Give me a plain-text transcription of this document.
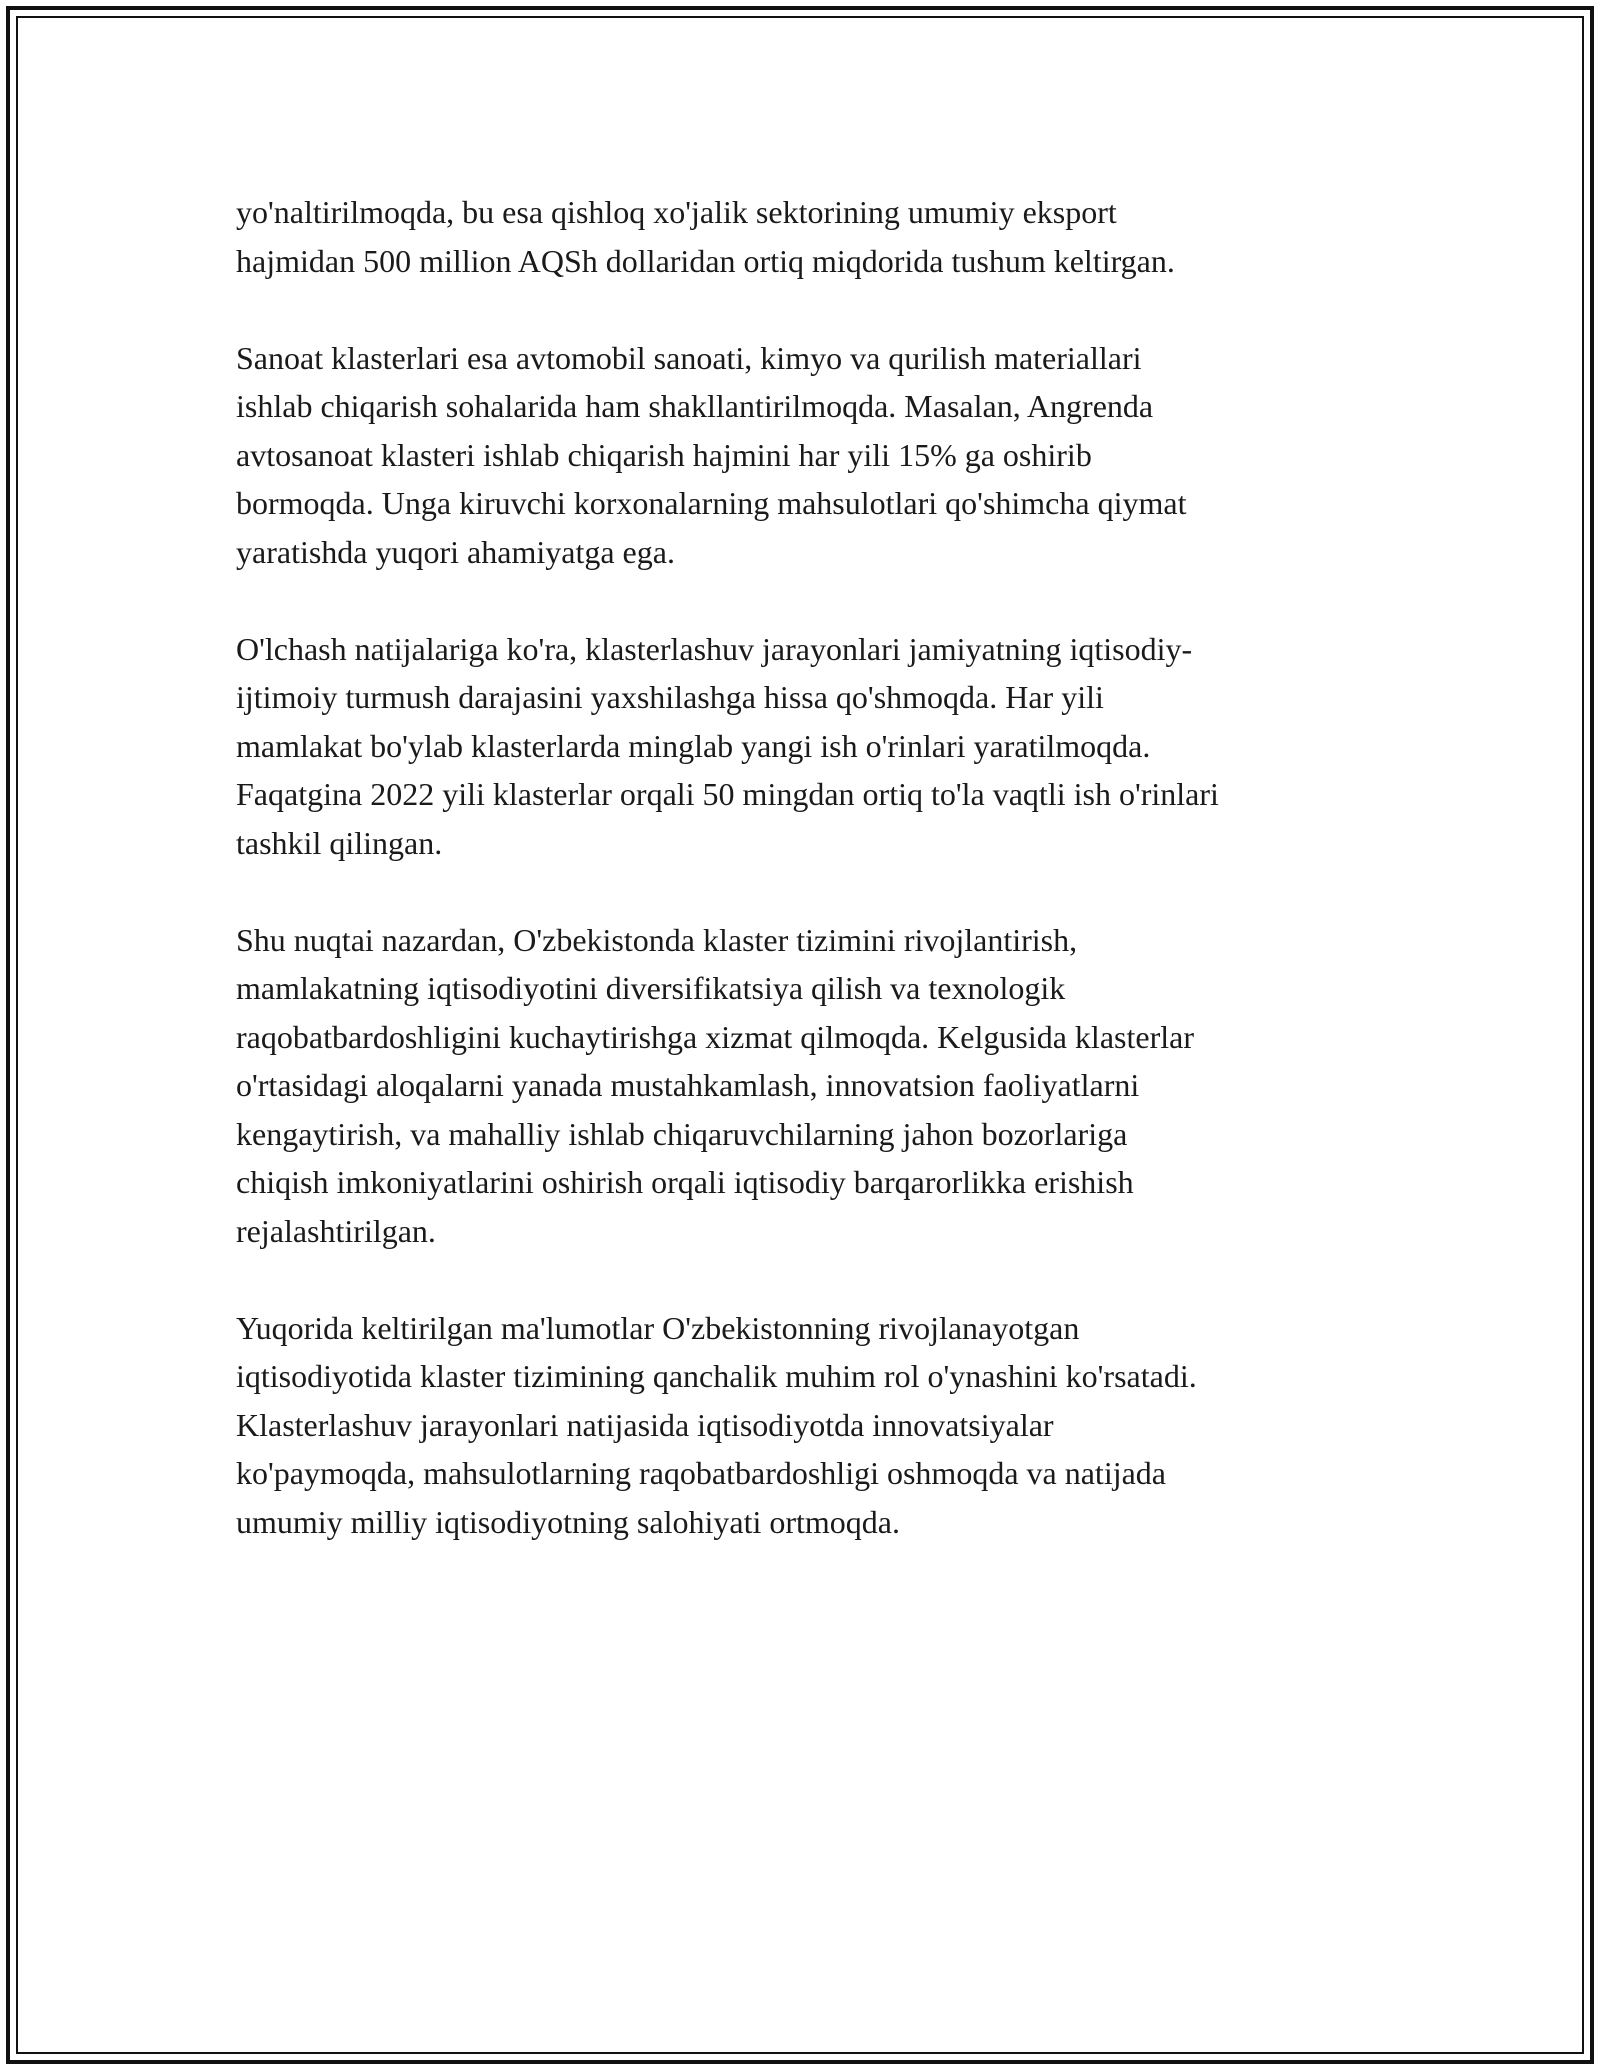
yo'naltirilmoqda, bu esa qishloq xo'jalik sektorining umumiy eksport
hajmidan 500 million AQSh dollaridan ortiq miqdorida tushum keltirgan.

Sanoat klasterlari esa avtomobil sanoati, kimyo va qurilish materiallari
ishlab chiqarish sohalarida ham shakllantirilmoqda. Masalan, Angrenda
avtosanoat klasteri ishlab chiqarish hajmini har yili 15% ga oshirib
bormoqda. Unga kiruvchi korxonalarning mahsulotlari qo'shimcha qiymat
yaratishda yuqori ahamiyatga ega.

O'lchash natijalariga ko'ra, klasterlashuv jarayonlari jamiyatning iqtisodiy-
ijtimoiy turmush darajasini yaxshilashga hissa qo'shmoqda. Har yili
mamlakat bo'ylab klasterlarda minglab yangi ish o'rinlari yaratilmoqda.
Faqatgina 2022 yili klasterlar orqali 50 mingdan ortiq to'la vaqtli ish o'rinlari
tashkil qilingan.

Shu nuqtai nazardan, O'zbekistonda klaster tizimini rivojlantirish,
mamlakatning iqtisodiyotini diversifikatsiya qilish va texnologik
raqobatbardoshligini kuchaytirishga xizmat qilmoqda. Kelgusida klasterlar
o'rtasidagi aloqalarni yanada mustahkamlash, innovatsion faoliyatlarni
kengaytirish, va mahalliy ishlab chiqaruvchilarning jahon bozorlariga
chiqish imkoniyatlarini oshirish orqali iqtisodiy barqarorlikka erishish
rejalashtirilgan.

Yuqorida keltirilgan ma'lumotlar O'zbekistonning rivojlanayotgan
iqtisodiyotida klaster tizimining qanchalik muhim rol o'ynashini ko'rsatadi.
Klasterlashuv jarayonlari natijasida iqtisodiyotda innovatsiyalar
ko'paymoqda, mahsulotlarning raqobatbardoshligi oshmoqda va natijada
umumiy milliy iqtisodiyotning salohiyati ortmoqda.
